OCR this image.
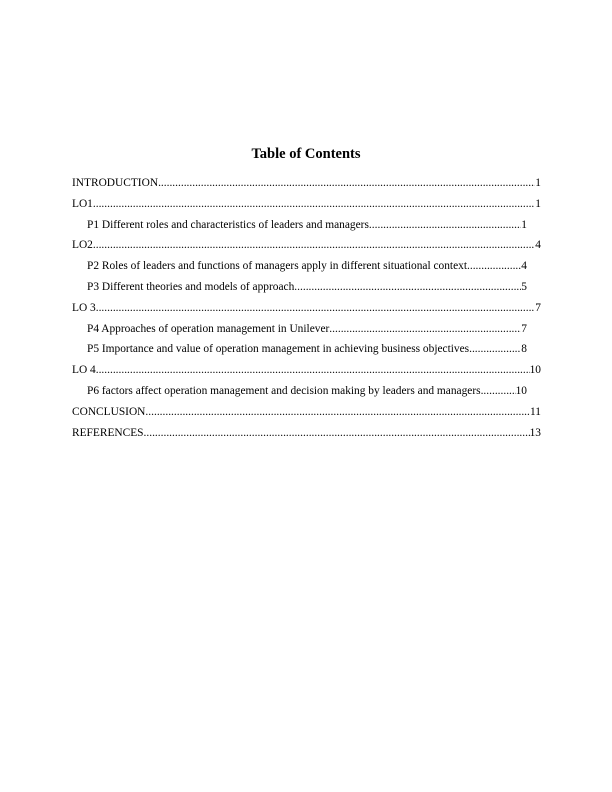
Table of Contents
INTRODUCTION .....	1
LO1 .....	1
P1 Different roles and characteristics of leaders and managers .....	1
LO2 .....	4
P2 Roles of leaders and functions of managers apply in different situational context .....	4
P3 Different theories and models of approach .....	5
LO 3 .....	7
P4 Approaches of operation management in Unilever .....	7
P5 Importance and value of operation management in achieving business objectives .....	8
LO 4 .....	10
P6 factors affect operation management and decision making by leaders and managers .....	10
CONCLUSION .....	11
REFERENCES .....	13
